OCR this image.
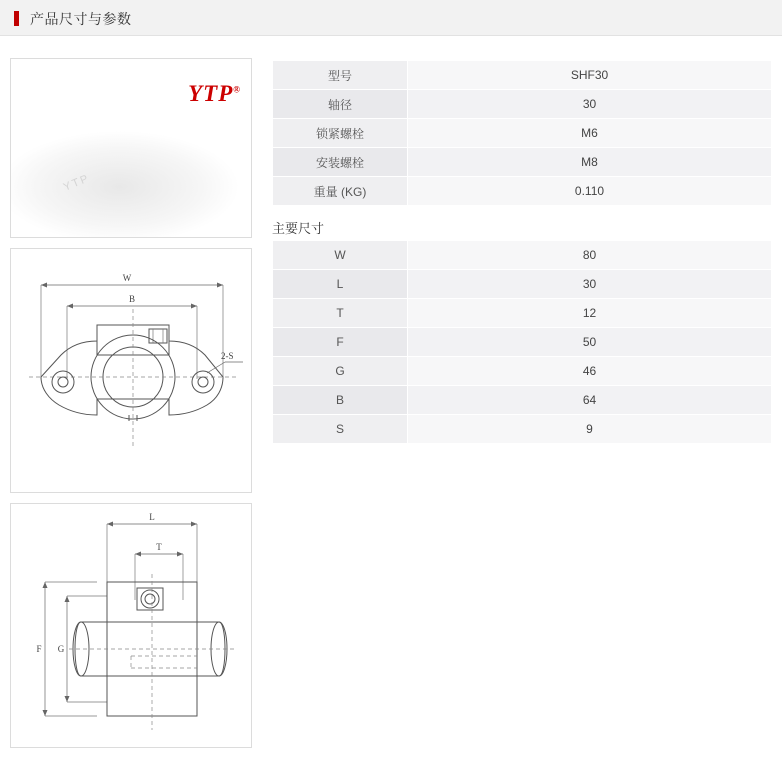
产品尺寸与参数
YTP
YTP®
W
B
2-S
L
T
F G
型号	SHF30
轴径	30
锁紧螺栓	M6
安装螺栓	M8
重量 (KG)	0.110
主要尺寸
W	80
L	30
T	12
F	50
G	46
B	64
S	9
